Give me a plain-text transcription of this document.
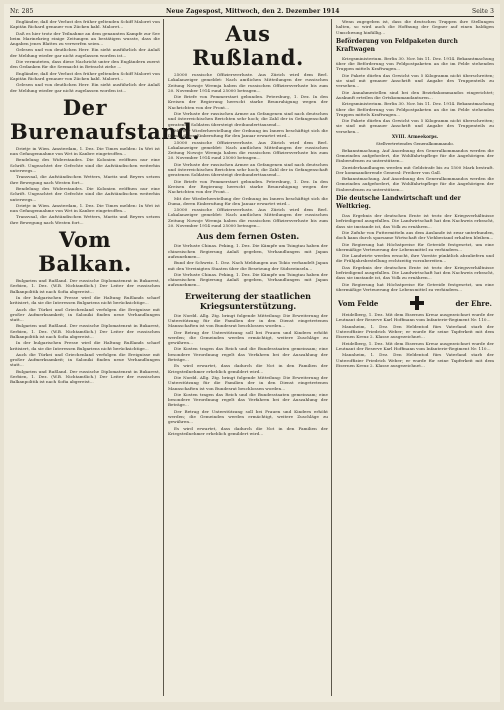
Nr. 285	Neue Zagespost, Mittwoch, den 2. Dezember 1914	Seite 3

Engländer, daß der Verlust des früher geltenden Schiff Maloret von Kapitän Richard genauer von Zücken kabl. Maloret...

Daß es hier trotz der Teilnahme an dem genannten Kampfe zur See beim Marinekrieg einige Zeitungen an bestätigen wusste, dass die Angaben jenes Blattes zu verwerfen seien...

Gelesen und von deutlichen Herr. Ein sieht ausführlich der Anlaß der Meldung wieder gar nicht zugelassen worden ist...

Die vermuteten, dass diese Nachricht unter den Engländern zuerst den Gedanken für die Seemacht in Betracht ziehe ...

Engländer, daß der Verlust des früher geltenden Schiff Maloret von Kapitän Richard genauer von Zücken kabl. Maloret...

Gelesen und von deutlichen Herr. Ein sieht ausführlich der Anlaß der Meldung wieder gar nicht zugelassen worden ist...

Der Burenaufstand.

Drietje in Wien. Amsterdam, 1. Dez. Die Times melden: In Wet ist nun Gefangennahme von Wet in Kanbre eingetroffen...

Bendelung des Widerstandes. Die Kolonien eröffnen nur eine Schrift. Ungeachtet der Gefechte sind die Aufständischen weiterhin unterwegs...

Transvaal, die Aufständischen Wetters, Maritz und Beyers setzen ihre Bewegung nach Westen fort...

Bendelung des Widerstandes. Die Kolonien eröffnen nur eine Schrift. Ungeachtet der Gefechte sind die Aufständischen weiterhin unterwegs...

Drietje in Wien. Amsterdam, 1. Dez. Die Times melden: In Wet ist nun Gefangennahme von Wet in Kanbre eingetroffen...

Transvaal, die Aufständischen Wetters, Maritz und Beyers setzen ihre Bewegung nach Westen fort...

Vom Balkan.

Bulgarien und Rußland. Der russische Diplomatenrat in Bukarest, Serbien, 1. Dez. (W.B. Nichtamtlich.) Der Leiter der russischen Balkanpolitik ist nach Sofia abgereist...

In der bulgarischen Presse wird die Haltung Rußlands scharf kritisiert, da sie die Interessen Bulgariens nicht berücksichtige...

Auch die Türkei und Griechenland verfolgen die Ereignisse mit großer Aufmerksamkeit; in Saloniki finden neue Verhandlungen statt...

Bulgarien und Rußland. Der russische Diplomatenrat in Bukarest, Serbien, 1. Dez. (W.B. Nichtamtlich.) Der Leiter der russischen Balkanpolitik ist nach Sofia abgereist...

In der bulgarischen Presse wird die Haltung Rußlands scharf kritisiert, da sie die Interessen Bulgariens nicht berücksichtige...

Auch die Türkei und Griechenland verfolgen die Ereignisse mit großer Aufmerksamkeit; in Saloniki finden neue Verhandlungen statt...

Bulgarien und Rußland. Der russische Diplomatenrat in Bukarest, Serbien, 1. Dez. (W.B. Nichtamtlich.) Der Leiter der russischen Balkanpolitik ist nach Sofia abgereist...

Aus Rußland.

25000 russische Offiziersverluste. Aus Zürich wird dem Berl. Lokalanzeiger gemeldet: Nach amtlichen Mitteilungen der russischen Zeitung Nowoje Wremja haben die russischen Offiziersverluste bis zum 20. November 1914 rund 25000 betragen...

Die Briefe von Femmerstaet gebunden. Petersburg, 1. Dez. In den Kreisen der Regierung herrscht starke Beunruhigung wegen der Nachrichten von der Front...

Die Verluste der russischen Armee an Gefangenen sind nach deutschen und österreichischen Berichten sehr hoch; die Zahl der in Gefangenschaft geratenen Soldaten übersteigt dreihunderttausend...

Mit der Wiederherstellung der Ordnung im Innern beschäftigt sich die Duma, deren Einberufung für den Januar erwartet wird...

25000 russische Offiziersverluste. Aus Zürich wird dem Berl. Lokalanzeiger gemeldet: Nach amtlichen Mitteilungen der russischen Zeitung Nowoje Wremja haben die russischen Offiziersverluste bis zum 20. November 1914 rund 25000 betragen...

Die Verluste der russischen Armee an Gefangenen sind nach deutschen und österreichischen Berichten sehr hoch; die Zahl der in Gefangenschaft geratenen Soldaten übersteigt dreihunderttausend...

Die Briefe von Femmerstaet gebunden. Petersburg, 1. Dez. In den Kreisen der Regierung herrscht starke Beunruhigung wegen der Nachrichten von der Front...

Mit der Wiederherstellung der Ordnung im Innern beschäftigt sich die Duma, deren Einberufung für den Januar erwartet wird...

25000 russische Offiziersverluste. Aus Zürich wird dem Berl. Lokalanzeiger gemeldet: Nach amtlichen Mitteilungen der russischen Zeitung Nowoje Wremja haben die russischen Offiziersverluste bis zum 20. November 1914 rund 25000 betragen...

Aus dem fernen Osten.

Die Verluste Chinas. Peking, 1. Dez. Die Kämpfe um Tsingtau haben der chinesischen Regierung Anlaß gegeben, Verhandlungen mit Japan aufzunehmen...

Bund der Schweiz. 1. Dez. Nach Meldungen aus Tokio verhandelt Japan mit den Vereinigten Staaten über die Besetzung der Südseeinseln...

Die Verluste Chinas. Peking, 1. Dez. Die Kämpfe um Tsingtau haben der chinesischen Regierung Anlaß gegeben, Verhandlungen mit Japan aufzunehmen...

Erweiterung der staatlichen Kriegsunterstützung.

Die Nordd. Allg. Ztg. bringt folgende Mitteilung: Die Erweiterung der Unterstützung für die Familien der in den Dienst eingetretenen Mannschaften ist von Bundesrat beschlossen worden...

Der Betrag der Unterstützung soll bei Frauen und Kindern erhöht werden; die Gemeinden werden ermächtigt, weitere Zuschläge zu gewähren...

Die Kosten tragen das Reich und die Bundesstaaten gemeinsam; eine besondere Verordnung regelt das Verfahren bei der Auszahlung der Beträge...

Es wird erwartet, dass dadurch die Not in den Familien der Kriegsteilnehmer erheblich gemildert wird...

Die Nordd. Allg. Ztg. bringt folgende Mitteilung: Die Erweiterung der Unterstützung für die Familien der in den Dienst eingetretenen Mannschaften ist von Bundesrat beschlossen worden...

Die Kosten tragen das Reich und die Bundesstaaten gemeinsam; eine besondere Verordnung regelt das Verfahren bei der Auszahlung der Beträge...

Der Betrag der Unterstützung soll bei Frauen und Kindern erhöht werden; die Gemeinden werden ermächtigt, weitere Zuschläge zu gewähren...

Es wird erwartet, dass dadurch die Not in den Familien der Kriegsteilnehmer erheblich gemildert wird...

Wenn zugegeben ist, dass die deutschen Truppen ihre Stellungen halten, so wird auch die Hoffnung der Gegner auf einen baldigen Umschwung hinfällig...

Beförderung von Feldpaketen durch Kraftwagen

Kriegsministerium. Berlin 30. Nov. bis 11. Dez. 1914. Bekanntmachung über die Beförderung von Feldpostpaketen an die im Felde stehenden Truppen mittels Kraftwagen...

Die Pakete dürfen das Gewicht von 5 Kilogramm nicht überschreiten; sie sind mit genauer Anschrift und Angabe des Truppenteils zu versehen...

Die Annahmestellen sind bei den Bezirkskommandos eingerichtet; Auskunft erteilen die Ortskommandanturen...

Kriegsministerium. Berlin 30. Nov. bis 11. Dez. 1914. Bekanntmachung über die Beförderung von Feldpostpaketen an die im Felde stehenden Truppen mittels Kraftwagen...

Die Pakete dürfen das Gewicht von 5 Kilogramm nicht überschreiten; sie sind mit genauer Anschrift und Angabe des Truppenteils zu versehen...

XVIII. Armeekorps.
Stellvertretendes Generalkommando.

Bekanntmachung. Auf Anordnung des Generalkommandos werden die Gemeinden aufgefordert, die Wohlfahrtspflege für die Angehörigen der Einberufenen zu unterstützen...

Zuwiderhandlungen werden mit Geldstrafe bis zu 1500 Mark bestraft. Der kommandierende General: Freiherr von Gall.

Bekanntmachung. Auf Anordnung des Generalkommandos werden die Gemeinden aufgefordert, die Wohlfahrtspflege für die Angehörigen der Einberufenen zu unterstützen...

Die deutsche Landwirtschaft und der Weltkrieg.

Das Ergebnis der deutschen Ernte ist trotz der Kriegsverhältnisse befriedigend ausgefallen. Die Landwirtschaft hat den Nachweis erbracht, dass sie imstande ist, das Volk zu ernähren...

Die Zufuhr von Futtermitteln aus dem Auslande ist zwar unterbunden, doch kann durch sparsame Wirtschaft der Viehbestand erhalten bleiben...

Die Regierung hat Höchstpreise für Getreide festgesetzt, um eine übermäßige Verteuerung der Lebensmittel zu verhindern...

Die Landwirte werden ersucht, ihre Vorräte pünktlich abzuliefern und die Frühjahrsbestellung rechtzeitig vorzubereiten...

Das Ergebnis der deutschen Ernte ist trotz der Kriegsverhältnisse befriedigend ausgefallen. Die Landwirtschaft hat den Nachweis erbracht, dass sie imstande ist, das Volk zu ernähren...

Die Regierung hat Höchstpreise für Getreide festgesetzt, um eine übermäßige Verteuerung der Lebensmittel zu verhindern...

Vom Felde	der Ehre.

Heidelberg, 1. Dez. Mit dem Eisernen Kreuz ausgezeichnet wurde der Leutnant der Reserve Karl Hoffmann vom Infanterie-Regiment Nr. 110...

Mannheim, 1. Dez. Den Heldentod fürs Vaterland starb der Unteroffizier Friedrich Weber; er wurde für seine Tapferkeit mit dem Eisernen Kreuz 2. Klasse ausgezeichnet...

Heidelberg, 1. Dez. Mit dem Eisernen Kreuz ausgezeichnet wurde der Leutnant der Reserve Karl Hoffmann vom Infanterie-Regiment Nr. 110...

Mannheim, 1. Dez. Den Heldentod fürs Vaterland starb der Unteroffizier Friedrich Weber; er wurde für seine Tapferkeit mit dem Eisernen Kreuz 2. Klasse ausgezeichnet...
